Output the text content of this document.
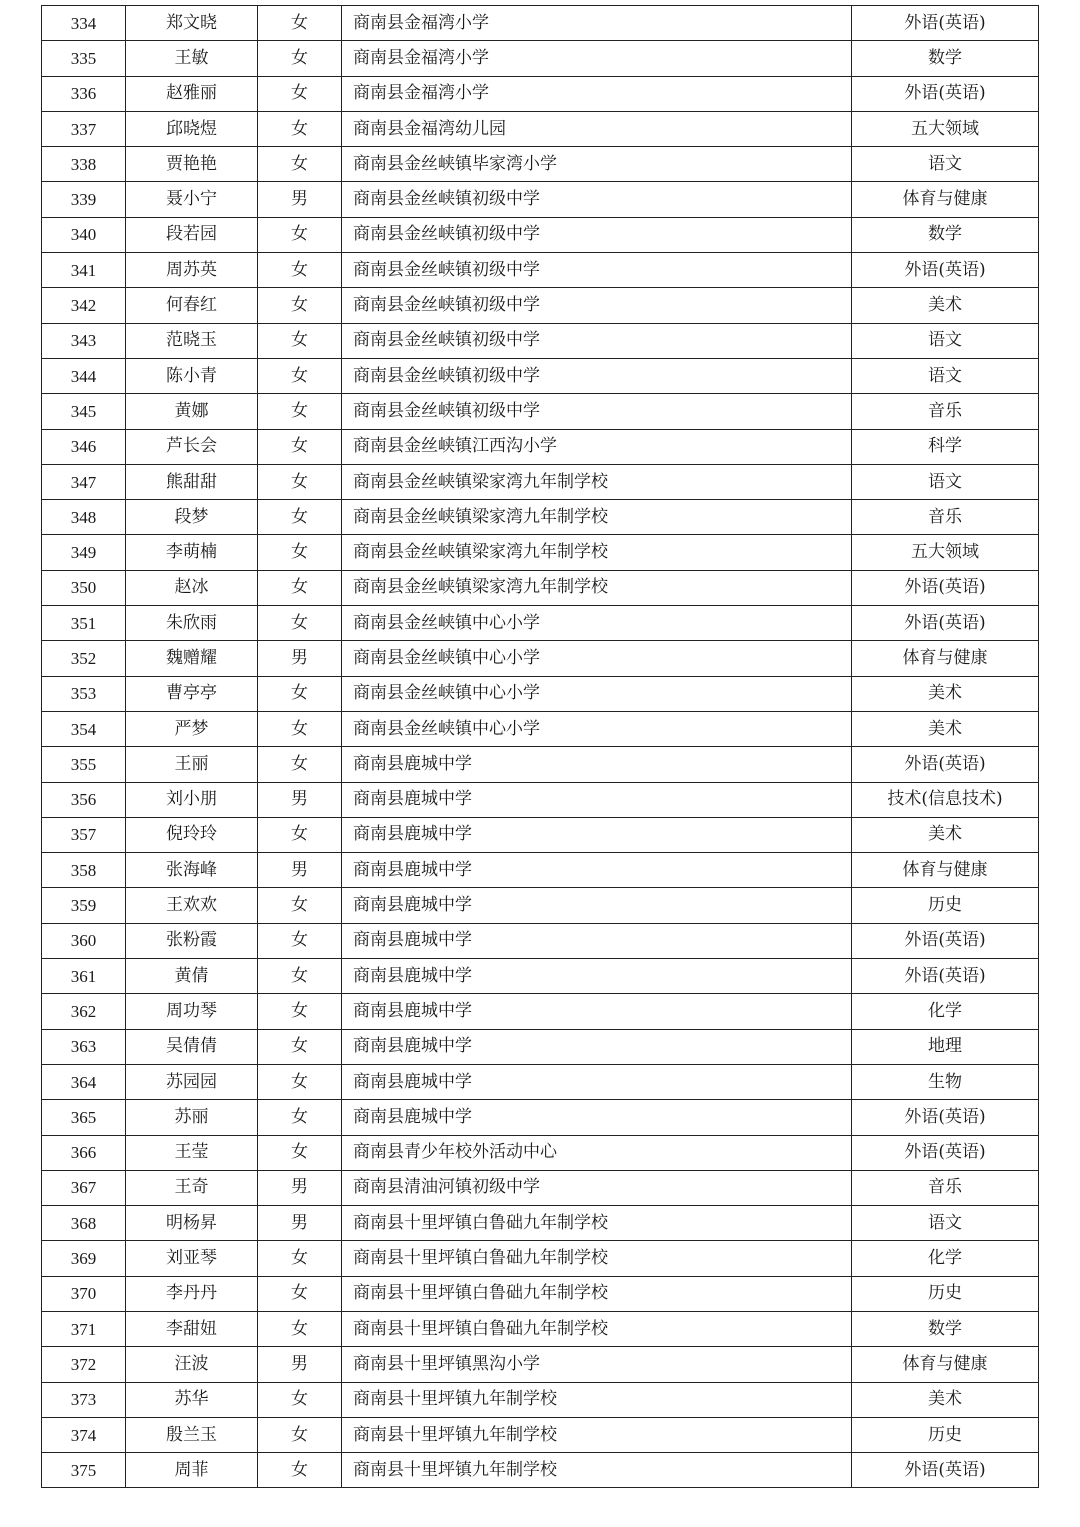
334	郑文晓	女	商南县金福湾小学	外语(英语)
335	王敏	女	商南县金福湾小学	数学
336	赵雅丽	女	商南县金福湾小学	外语(英语)
337	邱晓煜	女	商南县金福湾幼儿园	五大领域
338	贾艳艳	女	商南县金丝峡镇毕家湾小学	语文
339	聂小宁	男	商南县金丝峡镇初级中学	体育与健康
340	段若园	女	商南县金丝峡镇初级中学	数学
341	周苏英	女	商南县金丝峡镇初级中学	外语(英语)
342	何春红	女	商南县金丝峡镇初级中学	美术
343	范晓玉	女	商南县金丝峡镇初级中学	语文
344	陈小青	女	商南县金丝峡镇初级中学	语文
345	黄娜	女	商南县金丝峡镇初级中学	音乐
346	芦长会	女	商南县金丝峡镇江西沟小学	科学
347	熊甜甜	女	商南县金丝峡镇梁家湾九年制学校	语文
348	段梦	女	商南县金丝峡镇梁家湾九年制学校	音乐
349	李萌楠	女	商南县金丝峡镇梁家湾九年制学校	五大领域
350	赵冰	女	商南县金丝峡镇梁家湾九年制学校	外语(英语)
351	朱欣雨	女	商南县金丝峡镇中心小学	外语(英语)
352	魏赠耀	男	商南县金丝峡镇中心小学	体育与健康
353	曹亭亭	女	商南县金丝峡镇中心小学	美术
354	严梦	女	商南县金丝峡镇中心小学	美术
355	王丽	女	商南县鹿城中学	外语(英语)
356	刘小朋	男	商南县鹿城中学	技术(信息技术)
357	倪玲玲	女	商南县鹿城中学	美术
358	张海峰	男	商南县鹿城中学	体育与健康
359	王欢欢	女	商南县鹿城中学	历史
360	张粉霞	女	商南县鹿城中学	外语(英语)
361	黄倩	女	商南县鹿城中学	外语(英语)
362	周功琴	女	商南县鹿城中学	化学
363	吴倩倩	女	商南县鹿城中学	地理
364	苏园园	女	商南县鹿城中学	生物
365	苏丽	女	商南县鹿城中学	外语(英语)
366	王莹	女	商南县青少年校外活动中心	外语(英语)
367	王奇	男	商南县清油河镇初级中学	音乐
368	明杨昇	男	商南县十里坪镇白鲁础九年制学校	语文
369	刘亚琴	女	商南县十里坪镇白鲁础九年制学校	化学
370	李丹丹	女	商南县十里坪镇白鲁础九年制学校	历史
371	李甜妞	女	商南县十里坪镇白鲁础九年制学校	数学
372	汪波	男	商南县十里坪镇黑沟小学	体育与健康
373	苏华	女	商南县十里坪镇九年制学校	美术
374	殷兰玉	女	商南县十里坪镇九年制学校	历史
375	周菲	女	商南县十里坪镇九年制学校	外语(英语)
